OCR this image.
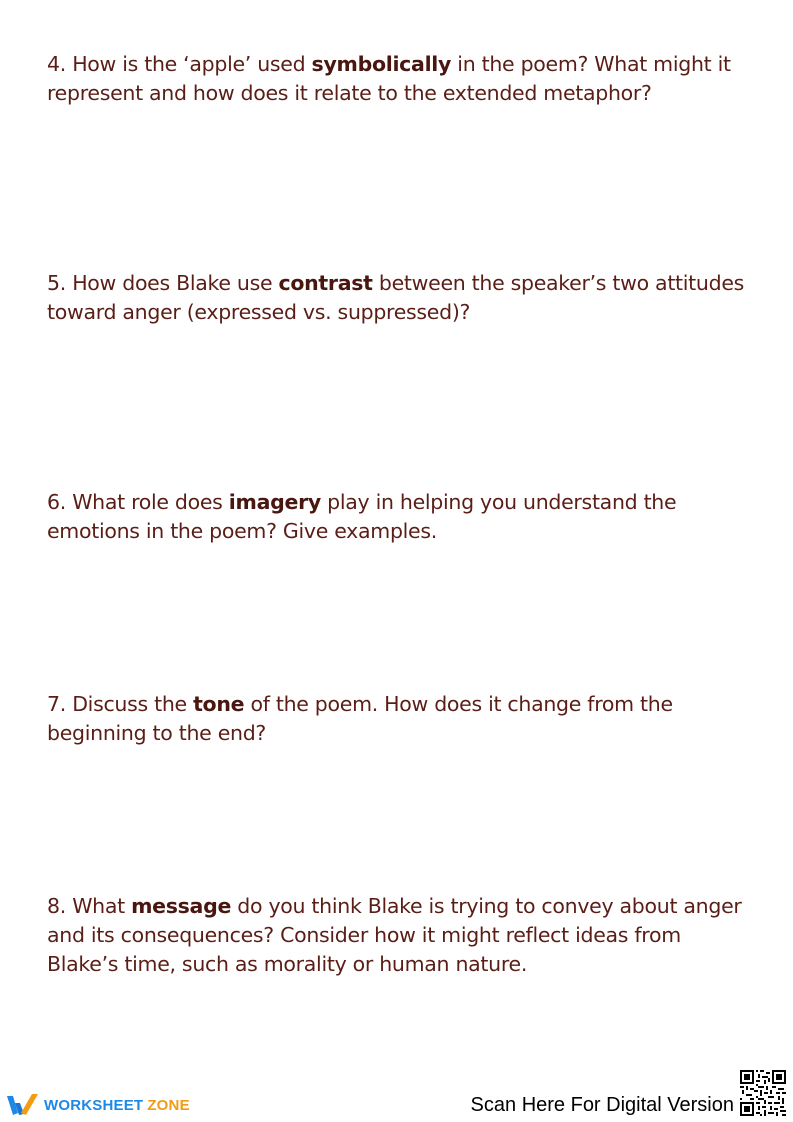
4. How is the ‘apple’ used symbolically in the poem? What might it represent and how does it relate to the extended metaphor?

5. How does Blake use contrast between the speaker’s two attitudes toward anger (expressed vs. suppressed)?

6. What role does imagery play in helping you understand the emotions in the poem? Give examples.

7. Discuss the tone of the poem. How does it change from the beginning to the end?

8. What message do you think Blake is trying to convey about anger and its consequences? Consider how it might reflect ideas from Blake’s time, such as morality or human nature.

WORKSHEET ZONE	Scan Here For Digital Version
